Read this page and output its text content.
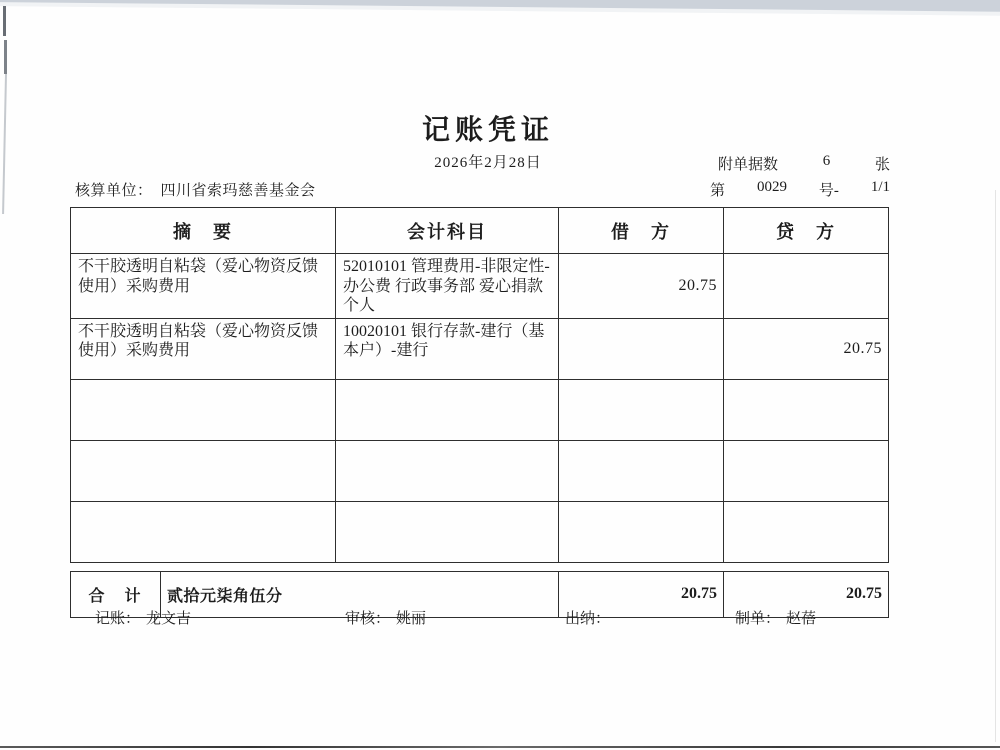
记账凭证
2026年2月28日	附单据数	6	张
第 0029 号- 1/1
核算单位： 四川省索玛慈善基金会
摘　要	会计科目	借　方	贷　方
不干胶透明自粘袋（爱心物资反馈使用）采购费用	52010101 管理费用-非限定性-办公费 行政事务部 爱心捐款个人	20.75	
不干胶透明自粘袋（爱心物资反馈使用）采购费用	10020101 银行存款-建行（基本户）-建行		20.75

合　计	贰拾元柒角伍分	20.75	20.75
记账： 龙文吉	审核： 姚丽	出纳：	制单： 赵蓓
